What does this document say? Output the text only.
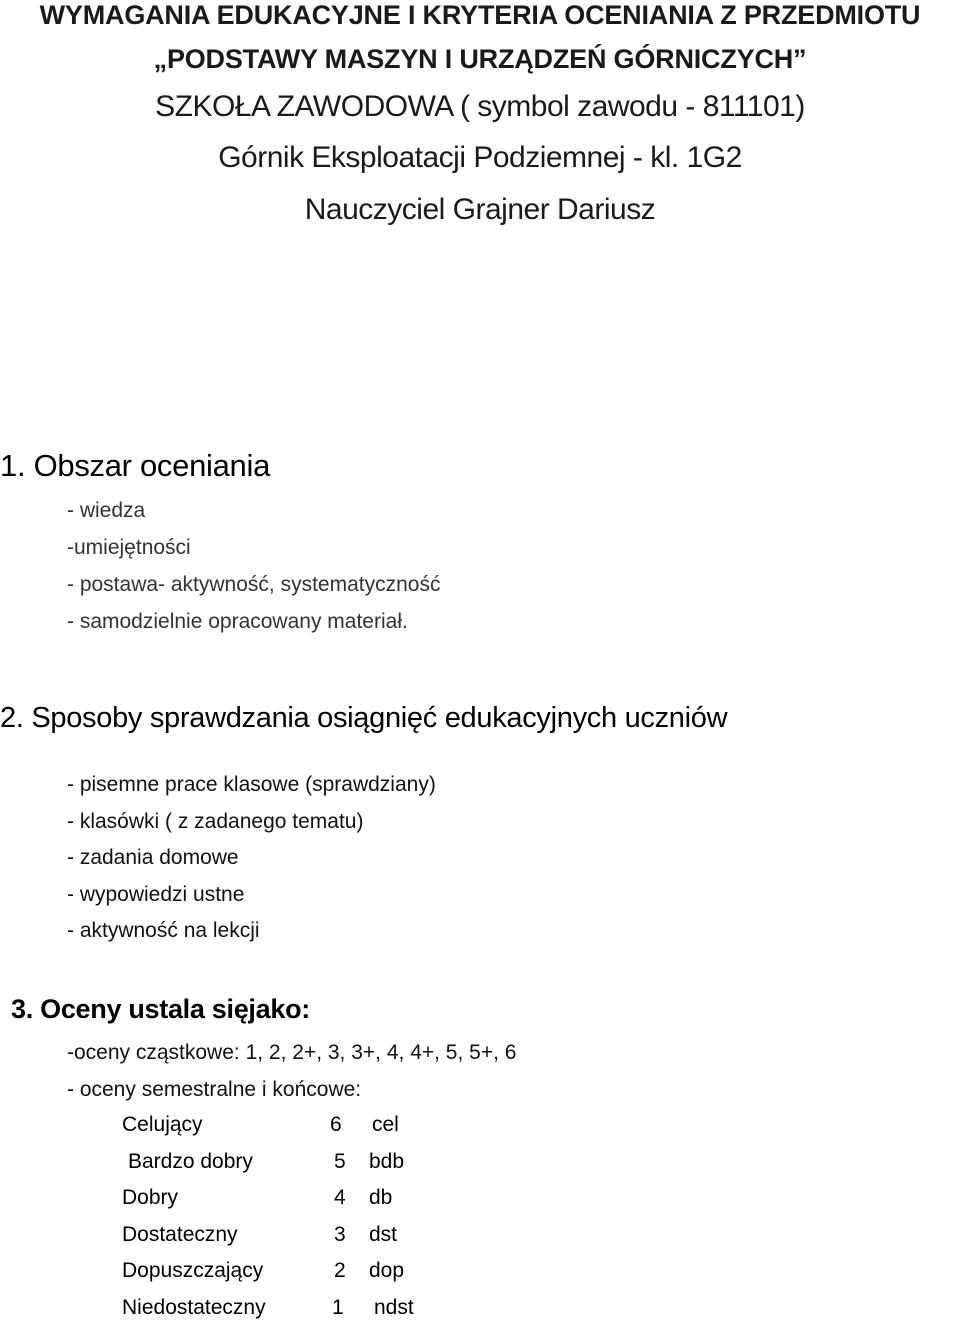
WYMAGANIA EDUKACYJNE I KRYTERIA OCENIANIA Z PRZEDMIOTU
„PODSTAWY MASZYN I URZĄDZEŃ GÓRNICZYCH”
SZKOŁA ZAWODOWA ( symbol zawodu - 811101)
Górnik Eksploatacji Podziemnej - kl. 1G2
Nauczyciel Grajner Dariusz
1. Obszar oceniania
- wiedza
-umiejętności
- postawa- aktywność, systematyczność
- samodzielnie opracowany materiał.
2. Sposoby sprawdzania osiągnięć edukacyjnych uczniów
- pisemne prace klasowe (sprawdziany)
- klasówki ( z zadanego tematu)
- zadania domowe
- wypowiedzi ustne
- aktywność na lekcji
3. Oceny ustala sięjako:
-oceny cząstkowe: 1, 2, 2+, 3, 3+, 4, 4+, 5, 5+, 6
- oceny semestralne i końcowe:
Celujący	6 cel
Bardzo dobry	5 bdb
Dobry	4 db
Dostateczny	3 dst
Dopuszczający	2 dop
Niedostateczny	1 ndst
